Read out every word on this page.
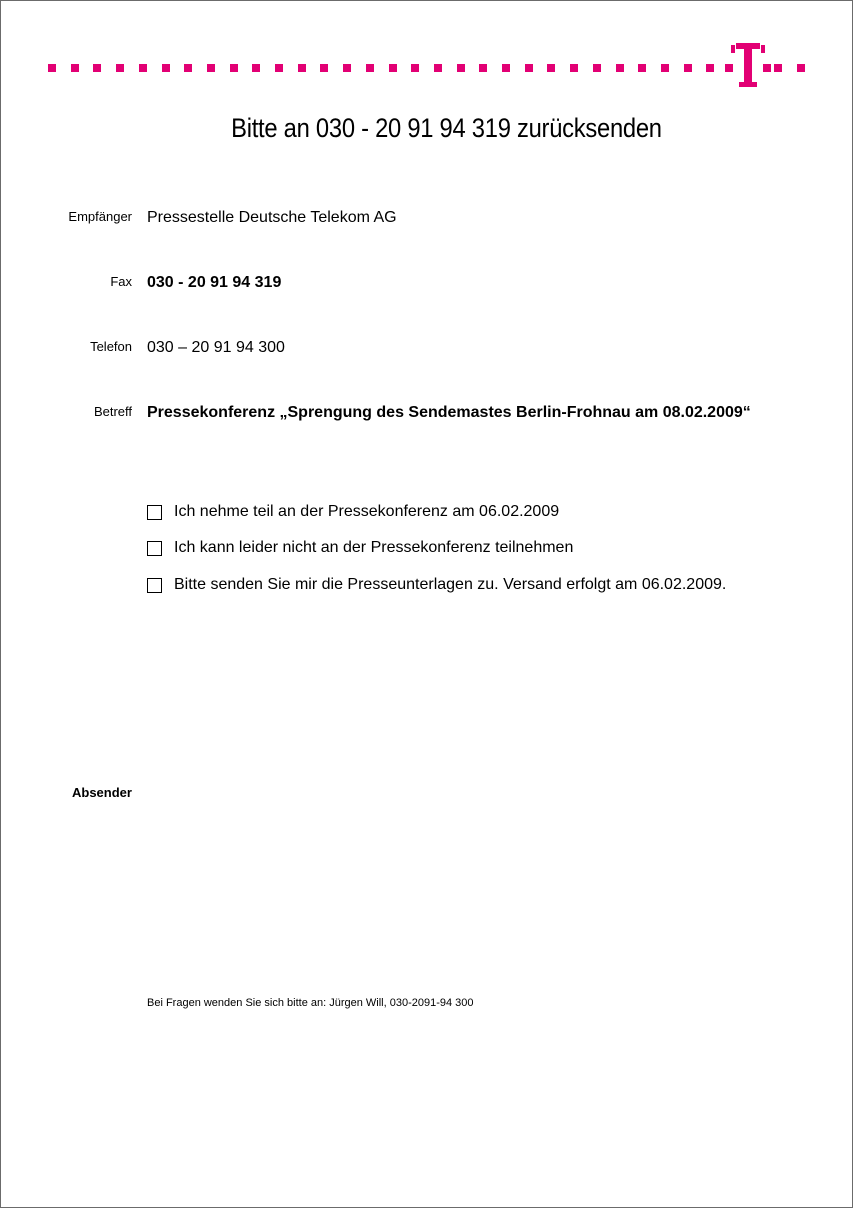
Bitte an 030 - 20 91 94 319 zurücksenden
Empfänger Pressestelle Deutsche Telekom AG
Fax 030 - 20 91 94 319
Telefon 030 – 20 91 94 300
Betreff Pressekonferenz „Sprengung des Sendemastes Berlin-Frohnau am 08.02.2009“
Ich nehme teil an der Pressekonferenz am 06.02.2009
Ich kann leider nicht an der Pressekonferenz teilnehmen
Bitte senden Sie mir die Presseunterlagen zu. Versand erfolgt am 06.02.2009.
Absender
Bei Fragen wenden Sie sich bitte an: Jürgen Will, 030-2091-94 300
